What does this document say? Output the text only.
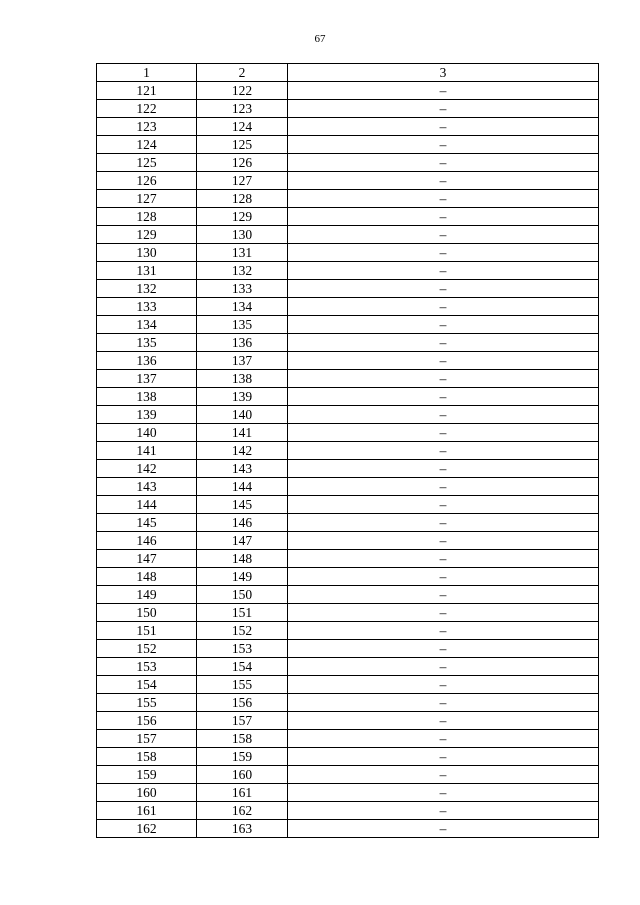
67
1	2	3
121	122	–
122	123	–
123	124	–
124	125	–
125	126	–
126	127	–
127	128	–
128	129	–
129	130	–
130	131	–
131	132	–
132	133	–
133	134	–
134	135	–
135	136	–
136	137	–
137	138	–
138	139	–
139	140	–
140	141	–
141	142	–
142	143	–
143	144	–
144	145	–
145	146	–
146	147	–
147	148	–
148	149	–
149	150	–
150	151	–
151	152	–
152	153	–
153	154	–
154	155	–
155	156	–
156	157	–
157	158	–
158	159	–
159	160	–
160	161	–
161	162	–
162	163	–
